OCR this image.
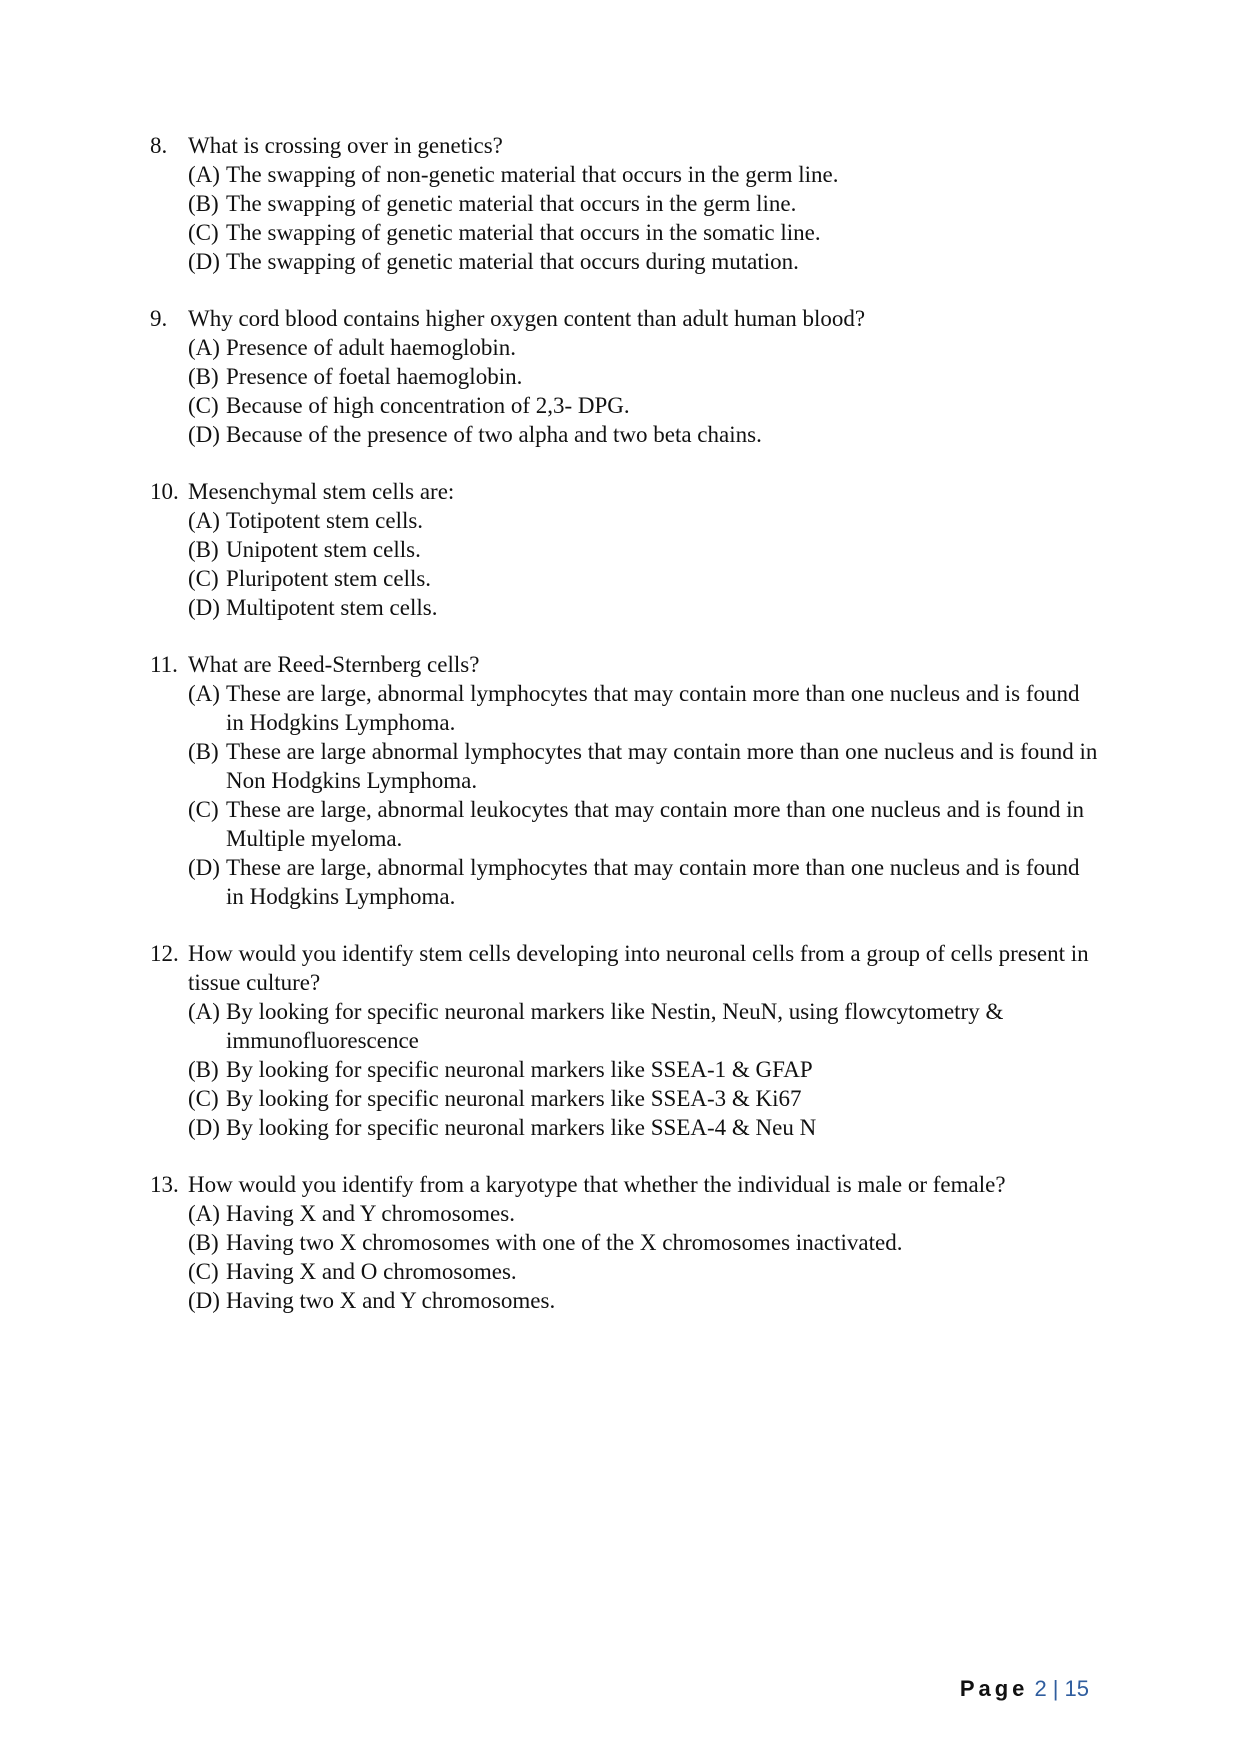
8. What is crossing over in genetics?
(A) The swapping of non-genetic material that occurs in the germ line.
(B) The swapping of genetic material that occurs in the germ line.
(C) The swapping of genetic material that occurs in the somatic line.
(D) The swapping of genetic material that occurs during mutation.
9. Why cord blood contains higher oxygen content than adult human blood?
(A) Presence of adult haemoglobin.
(B) Presence of foetal haemoglobin.
(C) Because of high concentration of 2,3- DPG.
(D) Because of the presence of two alpha and two beta chains.
10. Mesenchymal stem cells are:
(A) Totipotent stem cells.
(B) Unipotent stem cells.
(C) Pluripotent stem cells.
(D) Multipotent stem cells.
11. What are Reed-Sternberg cells?
(A) These are large, abnormal lymphocytes that may contain more than one nucleus and is found in Hodgkins Lymphoma.
(B) These are large abnormal lymphocytes that may contain more than one nucleus and is found in Non Hodgkins Lymphoma.
(C) These are large, abnormal leukocytes that may contain more than one nucleus and is found in Multiple myeloma.
(D) These are large, abnormal lymphocytes that may contain more than one nucleus and is found in Hodgkins Lymphoma.
12. How would you identify stem cells developing into neuronal cells from a group of cells present in tissue culture?
(A) By looking for specific neuronal markers like Nestin, NeuN, using flowcytometry & immunofluorescence
(B) By looking for specific neuronal markers like SSEA-1 & GFAP
(C) By looking for specific neuronal markers like SSEA-3 & Ki67
(D) By looking for specific neuronal markers like SSEA-4 & Neu N
13. How would you identify from a karyotype that whether the individual is male or female?
(A) Having X and Y chromosomes.
(B) Having two X chromosomes with one of the X chromosomes inactivated.
(C) Having X and O chromosomes.
(D) Having two X and Y chromosomes.
Page 2 | 15
